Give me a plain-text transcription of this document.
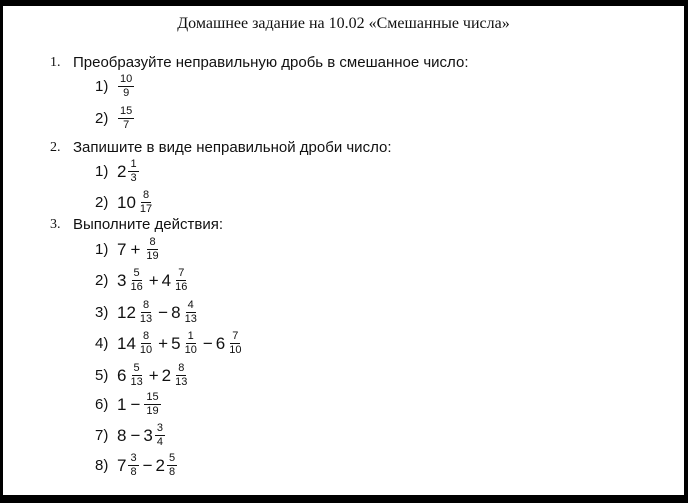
Домашнее задание на 10.02 «Смешанные числа»
1. Преобразуйте неправильную дробь в смешанное число:
$1) \frac{10}{9}$
$2) \frac{15}{7}$
2. Запишите в виде неправильной дроби число:
1) $2 \frac{1}{3}$
2) $10 \frac{8}{17}$
3. Выполните действия:
1) $7 + \frac{8}{19}$
2) $3 \frac{5}{16} + 4 \frac{7}{16}$
3) $12 \frac{8}{13} - 8 \frac{4}{13}$
4) $14 \frac{8}{10} + 5 \frac{1}{10} - 6 \frac{7}{10}$
5) $6 \frac{5}{13} + 2 \frac{8}{13}$
6) $1 - \frac{15}{19}$
7) $8 - 3 \frac{3}{4}$
8) $7 \frac{3}{8} - 2 \frac{5}{8}$
